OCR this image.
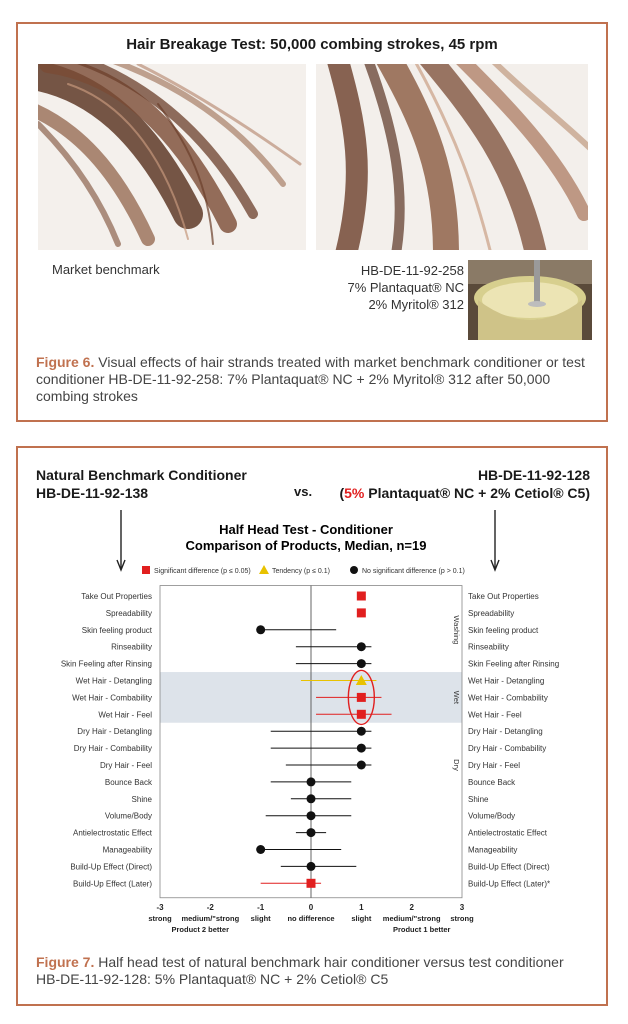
Hair Breakage Test: 50,000 combing strokes, 45 rpm
Market benchmark	HB-DE-11-92-258
7% Plantaquat® NC
2% Myritol® 312
Figure 6. Visual effects of hair strands treated with market benchmark conditioner or test conditioner HB-DE-11-92-258: 7% Plantaquat® NC + 2% Myritol® 312 after 50,000 combing strokes
Natural Benchmark Conditioner
HB-DE-11-92-138	vs.
HB-DE-11-92-128
(5% Plantaquat® NC + 2% Cetiol® C5)
Half Head Test - Conditioner
Comparison of Products, Median, n=19
Significant difference (p ≤ 0.05)	Tendency (p ≤ 0.1)	No significant difference (p > 0.1)
Washing
Wet
Dry
Take Out Properties	Take Out Properties
Spreadability	Spreadability
Skin feeling product	Skin feeling product
Rinseability	Rinseability
Skin Feeling after Rinsing	Skin Feeling after Rinsing
Wet Hair - Detangling	Wet Hair - Detangling
Wet Hair - Combability	Wet Hair - Combability
Wet Hair - Feel	Wet Hair - Feel
Dry Hair - Detangling	Dry Hair - Detangling
Dry Hair - Combability	Dry Hair - Combability
Dry Hair - Feel	Dry Hair - Feel
Bounce Back	Bounce Back
Shine	Shine
Volume/Body	Volume/Body
Antielectrostatic Effect	Antielectrostatic Effect
Manageability	Manageability
Build-Up Effect (Direct)	Build-Up Effect (Direct)
Build-Up Effect (Later)	Build-Up Effect (Later)*
-3
strong
-2
medium/"strong
-1
slight
0
no difference
1
slight
2
medium/"strong
3
strong
Product 2 better	Product 1 better
Figure 7. Half head test of natural benchmark hair conditioner versus test conditioner HB-DE-11-92-128: 5% Plantaquat® NC + 2% Cetiol® C5
